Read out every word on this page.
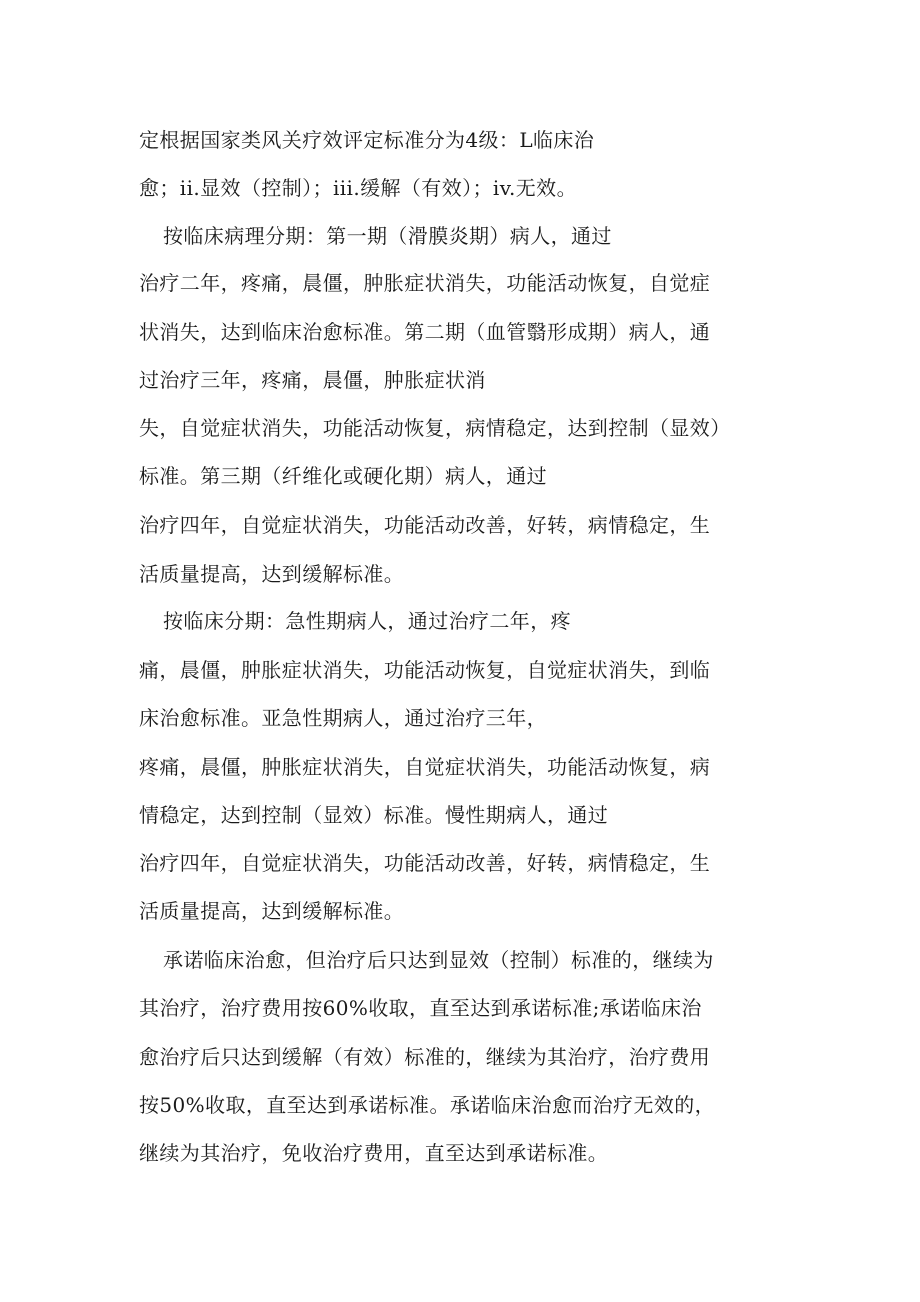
定根据国家类风关疗效评定标准分为4级：L临床治
愈；ii.显效（控制）；iii.缓解（有效）；iv.无效。
按临床病理分期：第一期（滑膜炎期）病人，通过
治疗二年，疼痛，晨僵，肿胀症状消失，功能活动恢复，自觉症
状消失，达到临床治愈标准。第二期（血管翳形成期）病人，通
过治疗三年，疼痛，晨僵，肿胀症状消
失，自觉症状消失，功能活动恢复，病情稳定，达到控制（显效）
标准。第三期（纤维化或硬化期）病人，通过
治疗四年，自觉症状消失，功能活动改善，好转，病情稳定，生
活质量提高，达到缓解标准。
按临床分期：急性期病人，通过治疗二年，疼
痛，晨僵，肿胀症状消失，功能活动恢复，自觉症状消失，到临
床治愈标准。亚急性期病人，通过治疗三年，
疼痛，晨僵，肿胀症状消失，自觉症状消失，功能活动恢复，病
情稳定，达到控制（显效）标准。慢性期病人，通过
治疗四年，自觉症状消失，功能活动改善，好转，病情稳定，生
活质量提高，达到缓解标准。
承诺临床治愈，但治疗后只达到显效（控制）标准的，继续为
其治疗，治疗费用按60%收取，直至达到承诺标准;承诺临床治
愈治疗后只达到缓解（有效）标准的，继续为其治疗，治疗费用
按50%收取，直至达到承诺标准。承诺临床治愈而治疗无效的，
继续为其治疗，免收治疗费用，直至达到承诺标准。
